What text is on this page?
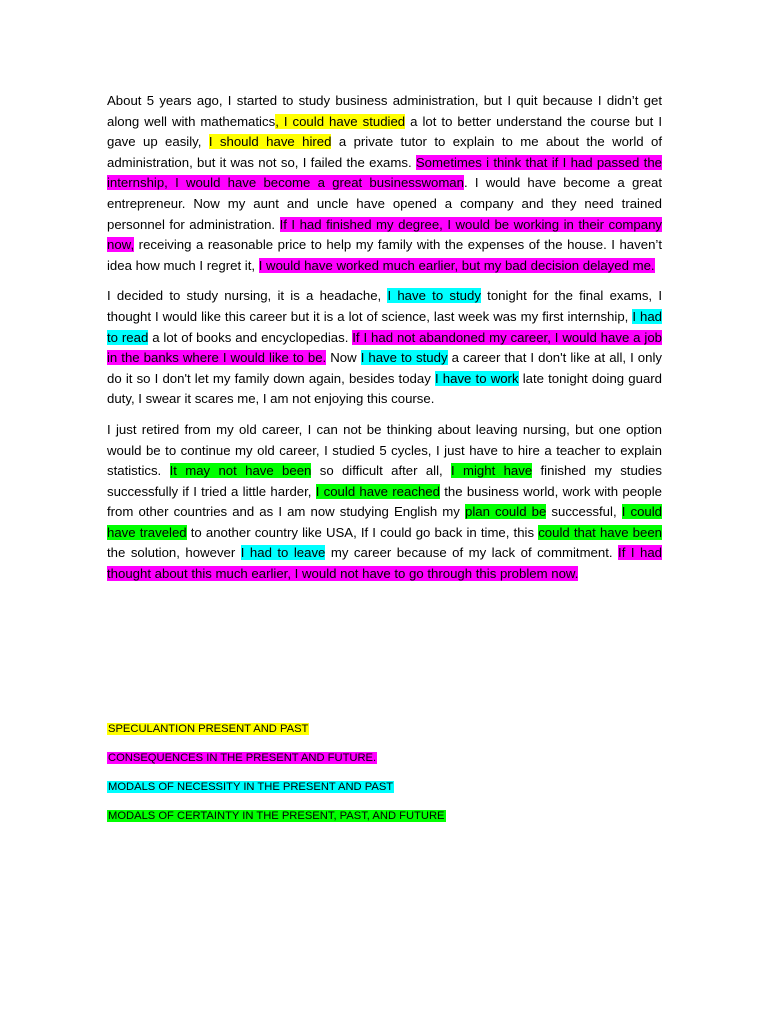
About 5 years ago, I started to study business administration, but I quit because I didn’t get along well with mathematics, I could have studied a lot to better understand the course but I gave up easily, I should have hired a private tutor to explain to me about the world of administration, but it was not so, I failed the exams. Sometimes i think that if I had passed the internship, I would have become a great businesswoman. I would have become a great entrepreneur. Now my aunt and uncle have opened a company and they need trained personnel for administration. If I had finished my degree, I would be working in their company now, receiving a reasonable price to help my family with the expenses of the house. I haven’t idea how much I regret it, I would have worked much earlier, but my bad decision delayed me.

I decided to study nursing, it is a headache, I have to study tonight for the final exams, I thought I would like this career but it is a lot of science, last week was my first internship, I had to read a lot of books and encyclopedias. If I had not abandoned my career, I would have a job in the banks where I would like to be. Now I have to study a career that I don't like at all, I only do it so I don't let my family down again, besides today I have to work late tonight doing guard duty, I swear it scares me, I am not enjoying this course.

I just retired from my old career, I can not be thinking about leaving nursing, but one option would be to continue my old career, I studied 5 cycles, I just have to hire a teacher to explain statistics. It may not have been so difficult after all, I might have finished my studies successfully if I tried a little harder, I could have reached the business world, work with people from other countries and as I am now studying English my plan could be successful, I could have traveled to another country like USA, If I could go back in time, this could that have been the solution, however I had to leave my career because of my lack of commitment. If I had thought about this much earlier, I would not have to go through this problem now.

SPECULANTION PRESENT AND PAST
CONSEQUENCES IN THE PRESENT AND FUTURE.
MODALS OF NECESSITY IN THE PRESENT AND PAST
MODALS OF CERTAINTY IN THE PRESENT, PAST, AND FUTURE
